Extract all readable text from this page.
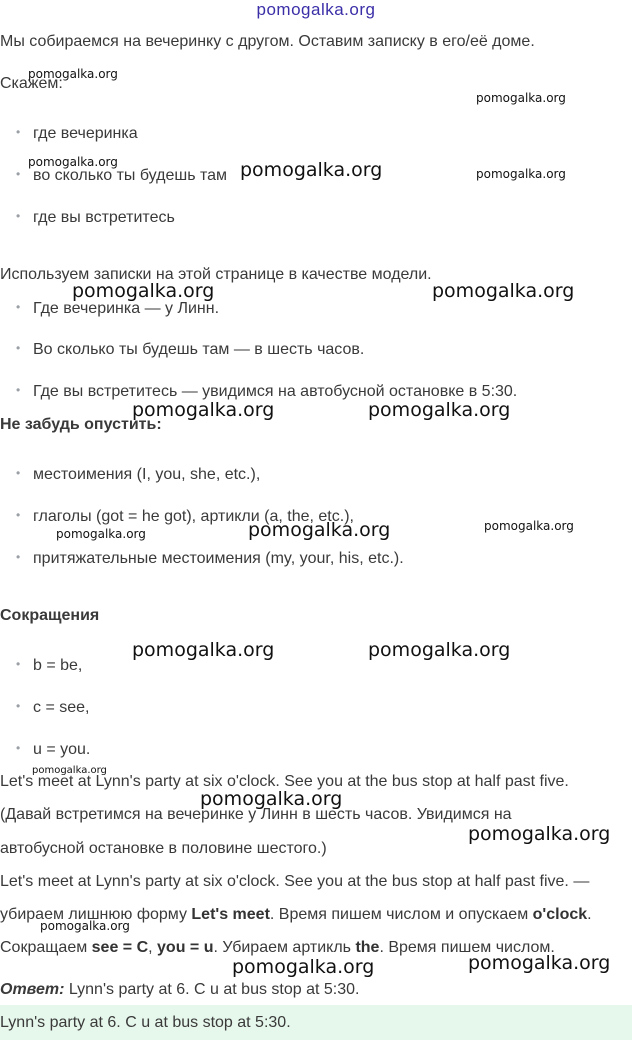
pomogalka.org
Мы собираемся на вечеринку с другом. Оставим записку в его/её доме.
Скажем:
• где вечеринка
• во сколько ты будешь там
• где вы встретитесь
Используем записки на этой странице в качестве модели.
• Где вечеринка — у Линн.
• Во сколько ты будешь там — в шесть часов.
• Где вы встретитесь — увидимся на автобусной остановке в 5:30.
Не забудь опустить:
• местоимения (I, you, she, etc.),
• глаголы (got = he got), артикли (a, the, etc.),
• притяжательные местоимения (my, your, his, etc.).
Сокращения
• b = be,
• c = see,
• u = you.
Let's meet at Lynn's party at six o'clock. See you at the bus stop at half past five.
(Давай встретимся на вечеринке у Линн в шесть часов. Увидимся на
автобусной остановке в половине шестого.)
Let's meet at Lynn's party at six o'clock. See you at the bus stop at half past five. —
убираем лишнюю форму Let's meet. Время пишем числом и опускаем o'clock.
Сокращаем see = C, you = u. Убираем артикль the. Время пишем числом.
Ответ: Lynn's party at 6. C u at bus stop at 5:30.
Lynn's party at 6. C u at bus stop at 5:30.
pomogalka.org
pomogalka.org
pomogalka.org	pomogalka.org	pomogalka.org
pomogalka.org	pomogalka.org
pomogalka.org	pomogalka.org
pomogalka.org	pomogalka.org
pomogalka.org
pomogalka.org	pomogalka.org
pomogalka.org
pomogalka.org
pomogalka.org
pomogalka.org
pomogalka.org	pomogalka.org
